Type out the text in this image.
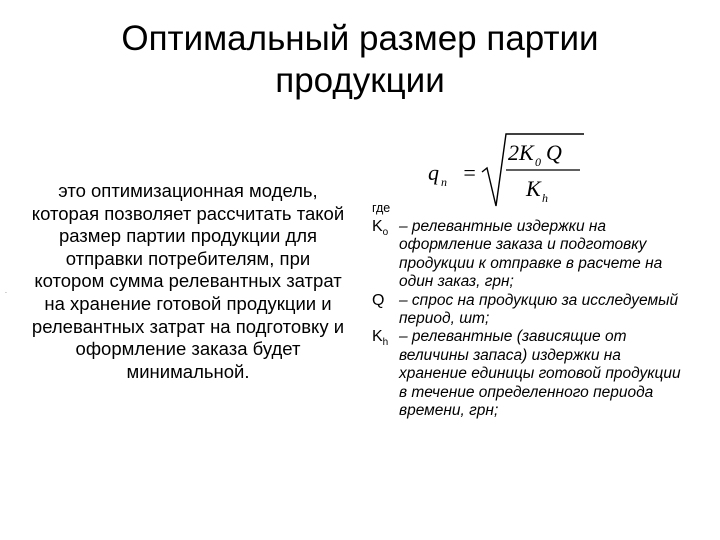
Оптимальный размер партии продукции
.
это оптимизационная модель, которая позволяет рассчитать такой размер партии продукции для отправки потребителям, при котором сумма релевантных затрат на хранение готовой продукции и релевантных затрат на подготовку и оформление заказа будет минимальной.
q n =
2K 0 Q
K h
где
$K_o$ – релевантные издержки на оформление заказа и подготовку продукции к отправке в расчете на один заказ, грн;
Q – спрос на продукцию за исследуемый период, шт;
$K_h$ – релевантные (зависящие от величины запаса) издержки на хранение единицы готовой продукции в течение определенного периода времени, грн;
